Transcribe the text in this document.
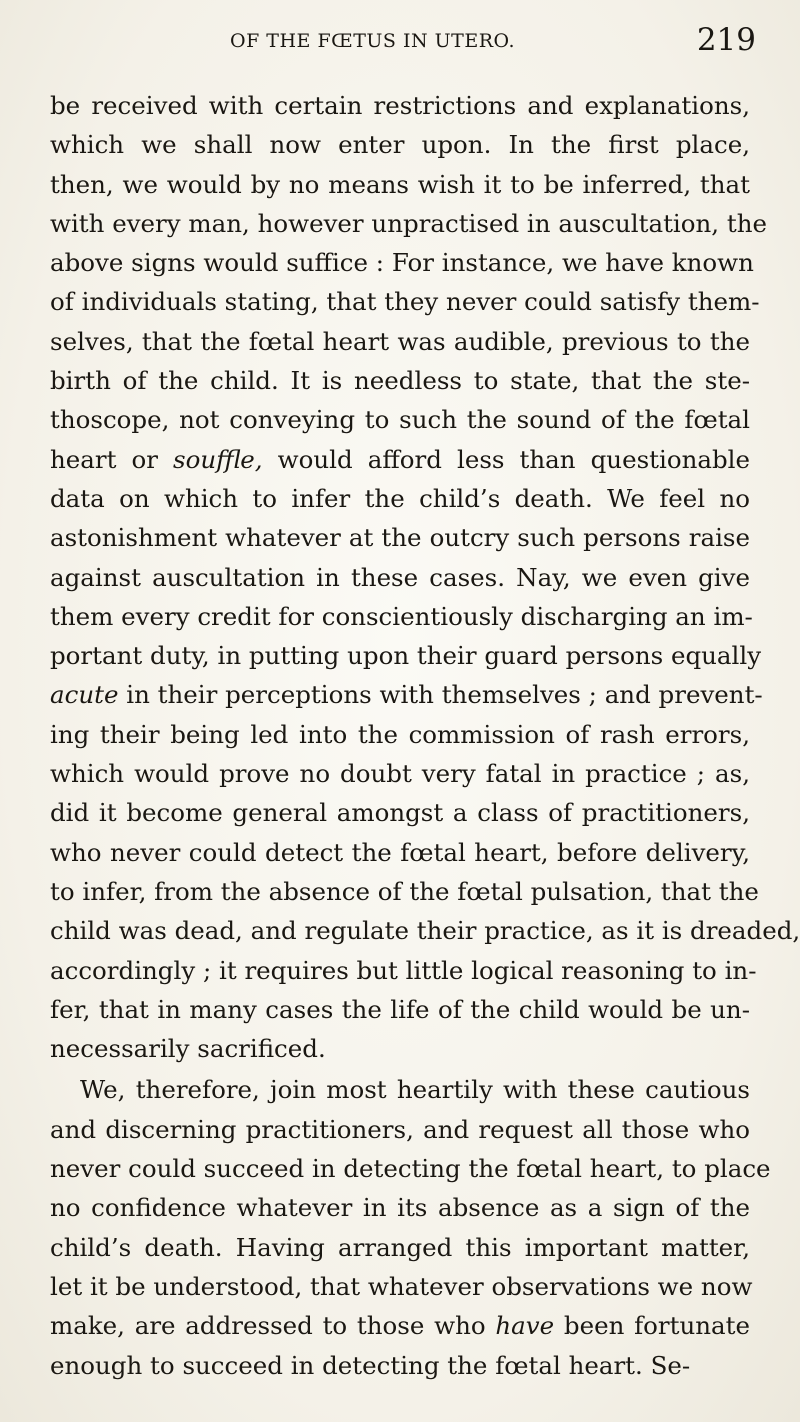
OF THE FŒTUS IN UTERO.	219
be received with certain restrictions and explanations,
which we shall now enter upon. In the first place,
then, we would by no means wish it to be inferred, that
with every man, however unpractised in auscultation, the
above signs would suffice : For instance, we have known
of individuals stating, that they never could satisfy them-
selves, that the fœtal heart was audible, previous to the
birth of the child. It is needless to state, that the ste-
thoscope, not conveying to such the sound of the fœtal
heart or souffle, would afford less than questionable
data on which to infer the child’s death. We feel no
astonishment whatever at the outcry such persons raise
against auscultation in these cases. Nay, we even give
them every credit for conscientiously discharging an im-
portant duty, in putting upon their guard persons equally
acute in their perceptions with themselves ; and prevent-
ing their being led into the commission of rash errors,
which would prove no doubt very fatal in practice ; as,
did it become general amongst a class of practitioners,
who never could detect the fœtal heart, before delivery,
to infer, from the absence of the fœtal pulsation, that the
child was dead, and regulate their practice, as it is dreaded,
accordingly ; it requires but little logical reasoning to in-
fer, that in many cases the life of the child would be un-
necessarily sacrificed.
We, therefore, join most heartily with these cautious
and discerning practitioners, and request all those who
never could succeed in detecting the fœtal heart, to place
no confidence whatever in its absence as a sign of the
child’s death. Having arranged this important matter,
let it be understood, that whatever observations we now
make, are addressed to those who have been fortunate
enough to succeed in detecting the fœtal heart. Se-
